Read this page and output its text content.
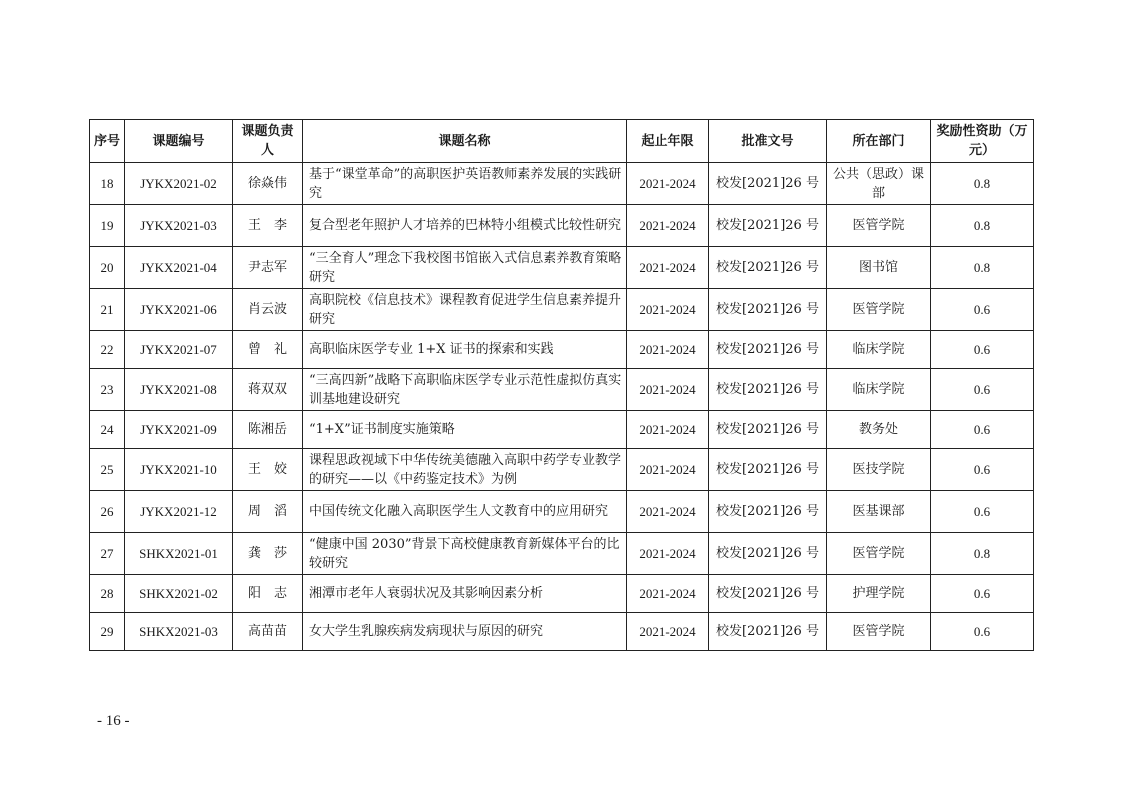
序号	课题编号	课题负责人	课题名称	起止年限	批准文号	所在部门	奖励性资助（万元）
18	JYKX2021-02	徐焱伟	基于“课堂革命”的高职医护英语教师素养发展的实践研究	2021-2024	校发[2021]26 号	公共（思政）课部	0.8
19	JYKX2021-03	王　李	复合型老年照护人才培养的巴林特小组模式比较性研究	2021-2024	校发[2021]26 号	医管学院	0.8
20	JYKX2021-04	尹志军	“三全育人”理念下我校图书馆嵌入式信息素养教育策略研究	2021-2024	校发[2021]26 号	图书馆	0.8
21	JYKX2021-06	肖云波	高职院校《信息技术》课程教育促进学生信息素养提升研究	2021-2024	校发[2021]26 号	医管学院	0.6
22	JYKX2021-07	曾　礼	高职临床医学专业 1+X 证书的探索和实践	2021-2024	校发[2021]26 号	临床学院	0.6
23	JYKX2021-08	蒋双双	“三高四新”战略下高职临床医学专业示范性虚拟仿真实训基地建设研究	2021-2024	校发[2021]26 号	临床学院	0.6
24	JYKX2021-09	陈湘岳	“1+X”证书制度实施策略	2021-2024	校发[2021]26 号	教务处	0.6
25	JYKX2021-10	王　姣	课程思政视域下中华传统美德融入高职中药学专业教学的研究——以《中药鉴定技术》为例	2021-2024	校发[2021]26 号	医技学院	0.6
26	JYKX2021-12	周　滔	中国传统文化融入高职医学生人文教育中的应用研究	2021-2024	校发[2021]26 号	医基课部	0.6
27	SHKX2021-01	龚　莎	“健康中国 2030”背景下高校健康教育新媒体平台的比较研究	2021-2024	校发[2021]26 号	医管学院	0.8
28	SHKX2021-02	阳　志	湘潭市老年人衰弱状况及其影响因素分析	2021-2024	校发[2021]26 号	护理学院	0.6
29	SHKX2021-03	高苗苗	女大学生乳腺疾病发病现状与原因的研究	2021-2024	校发[2021]26 号	医管学院	0.6
- 16 -
